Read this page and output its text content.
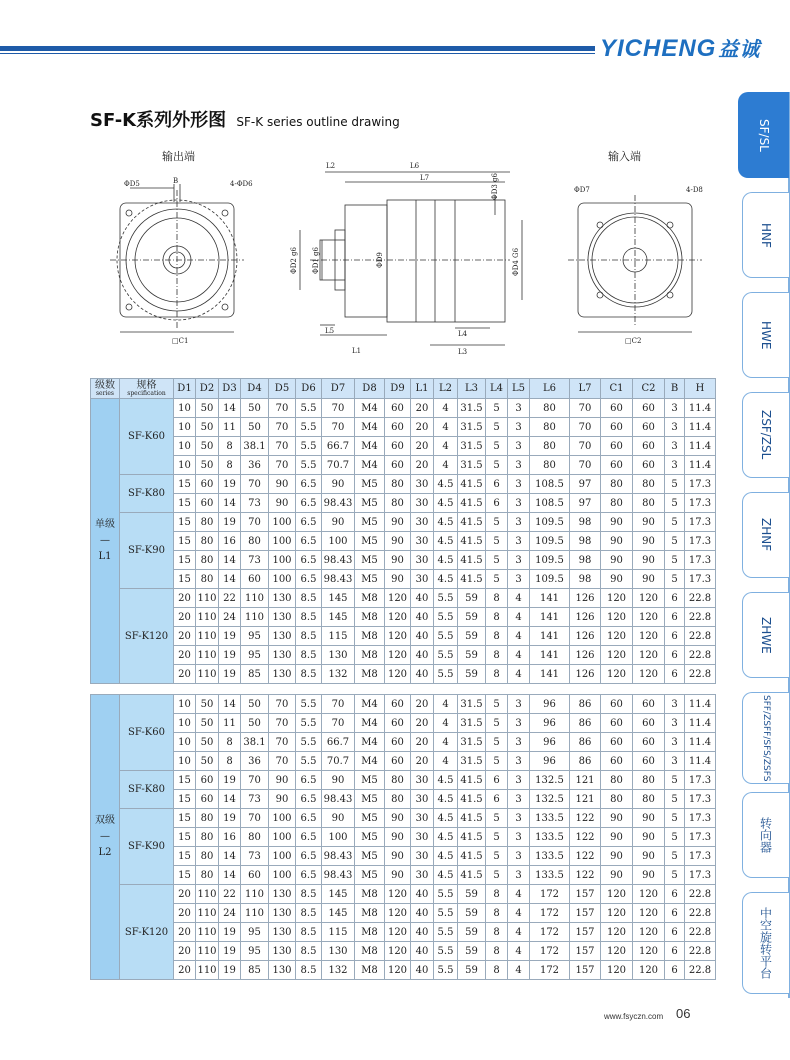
YICHENG 益诚
SF-K系列外形图 SF-K series outline drawing
输出端
ΦD5	B	4-ΦD6
□C1
L2	L6
L7	ΦD3 g6
ΦD1 g6
ΦD2 g6	ΦD9	ΦD4 G6
L5	L4
L1	L3
输入端
ΦD7	4-D8
□C2
级数
series	规格
specification	D1	D2	D3	D4	D5	D6	D7	D8	D9	L1	L2	L3	L4	L5	L6	L7	C1	C2	B	H

单级
—
L1	SF-K60	10	50	14	50	70	5.5	70	M4	60	20	4	31.5	5	3	80	70	60	60	3	11.4
		10	50	11	50	70	5.5	70	M4	60	20	4	31.5	5	3	80	70	60	60	3	11.4
		10	50	8	38.1	70	5.5	66.7	M4	60	20	4	31.5	5	3	80	70	60	60	3	11.4
		10	50	8	36	70	5.5	70.7	M4	60	20	4	31.5	5	3	80	70	60	60	3	11.4
	SF-K80	15	60	19	70	90	6.5	90	M5	80	30	4.5	41.5	6	3	108.5	97	80	80	5	17.3
		15	60	14	73	90	6.5	98.43	M5	80	30	4.5	41.5	6	3	108.5	97	80	80	5	17.3
	SF-K90	15	80	19	70	100	6.5	90	M5	90	30	4.5	41.5	5	3	109.5	98	90	90	5	17.3
		15	80	16	80	100	6.5	100	M5	90	30	4.5	41.5	5	3	109.5	98	90	90	5	17.3
		15	80	14	73	100	6.5	98.43	M5	90	30	4.5	41.5	5	3	109.5	98	90	90	5	17.3
		15	80	14	60	100	6.5	98.43	M5	90	30	4.5	41.5	5	3	109.5	98	90	90	5	17.3
	SF-K120	20	110	22	110	130	8.5	145	M8	120	40	5.5	59	8	4	141	126	120	120	6	22.8
		20	110	24	110	130	8.5	145	M8	120	40	5.5	59	8	4	141	126	120	120	6	22.8
		20	110	19	95	130	8.5	115	M8	120	40	5.5	59	8	4	141	126	120	120	6	22.8
		20	110	19	95	130	8.5	130	M8	120	40	5.5	59	8	4	141	126	120	120	6	22.8
		20	110	19	85	130	8.5	132	M8	120	40	5.5	59	8	4	141	126	120	120	6	22.8

双级
—
L2	SF-K60	10	50	14	50	70	5.5	70	M4	60	20	4	31.5	5	3	96	86	60	60	3	11.4
		10	50	11	50	70	5.5	70	M4	60	20	4	31.5	5	3	96	86	60	60	3	11.4
		10	50	8	38.1	70	5.5	66.7	M4	60	20	4	31.5	5	3	96	86	60	60	3	11.4
		10	50	8	36	70	5.5	70.7	M4	60	20	4	31.5	5	3	96	86	60	60	3	11.4
	SF-K80	15	60	19	70	90	6.5	90	M5	80	30	4.5	41.5	6	3	132.5	121	80	80	5	17.3
		15	60	14	73	90	6.5	98.43	M5	80	30	4.5	41.5	6	3	132.5	121	80	80	5	17.3
	SF-K90	15	80	19	70	100	6.5	90	M5	90	30	4.5	41.5	5	3	133.5	122	90	90	5	17.3
		15	80	16	80	100	6.5	100	M5	90	30	4.5	41.5	5	3	133.5	122	90	90	5	17.3
		15	80	14	73	100	6.5	98.43	M5	90	30	4.5	41.5	5	3	133.5	122	90	90	5	17.3
		15	80	14	60	100	6.5	98.43	M5	90	30	4.5	41.5	5	3	133.5	122	90	90	5	17.3
	SF-K120	20	110	22	110	130	8.5	145	M8	120	40	5.5	59	8	4	172	157	120	120	6	22.8
		20	110	24	110	130	8.5	145	M8	120	40	5.5	59	8	4	172	157	120	120	6	22.8
		20	110	19	95	130	8.5	115	M8	120	40	5.5	59	8	4	172	157	120	120	6	22.8
		20	110	19	95	130	8.5	130	M8	120	40	5.5	59	8	4	172	157	120	120	6	22.8
		20	110	19	85	130	8.5	132	M8	120	40	5.5	59	8	4	172	157	120	120	6	22.8
SF/SL
HNF
HWE
ZSF/ZSL
ZHNF
ZHWE
SFF/ZSFF/SFS/ZSFS
转向器
中空旋转平台
www.fsyczn.com 06
